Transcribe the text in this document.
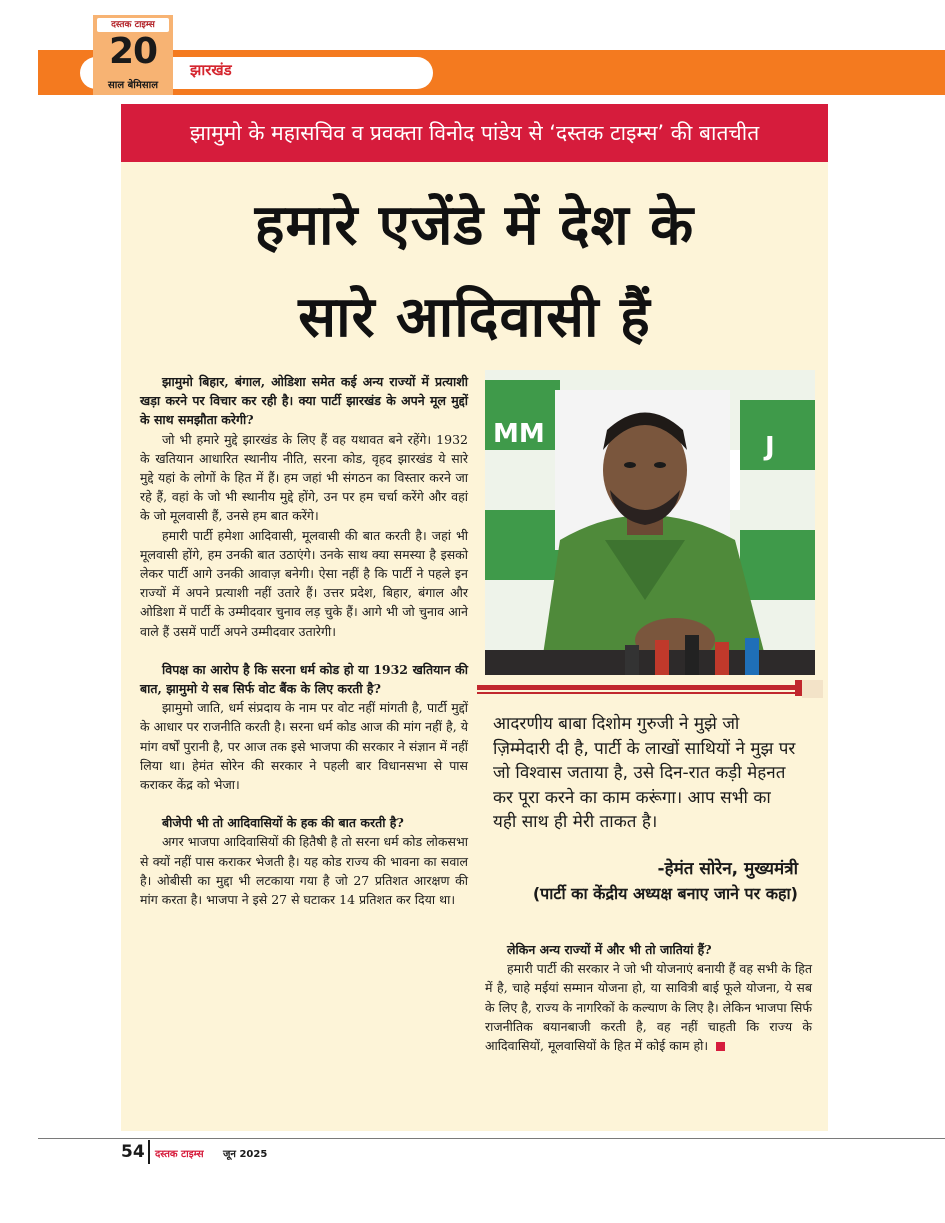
झारखंड
दस्तक टाइम्स
20
साल बेमिसाल
झामुमो के महासचिव व प्रवक्ता विनोद पांडेय से ‘दस्तक टाइम्स’ की बातचीत
हमारे एजेंडे में देश के
सारे आदिवासी हैं

झामुमो बिहार, बंगाल, ओडिशा समेत कई अन्य राज्यों में प्रत्याशी खड़ा करने पर विचार कर रही है। क्या पार्टी झारखंड के अपने मूल मुद्दों के साथ समझौता करेगी?

जो भी हमारे मुद्दे झारखंड के लिए हैं वह यथावत बने रहेंगे। 1932 के खतियान आधारित स्थानीय नीति, सरना कोड, वृहद झारखंड ये सारे मुद्दे यहां के लोगों के हित में हैं। हम जहां भी संगठन का विस्तार करने जा रहे हैं, वहां के जो भी स्थानीय मुद्दे होंगे, उन पर हम चर्चा करेंगे और वहां के जो मूलवासी हैं, उनसे हम बात करेंगे।

हमारी पार्टी हमेशा आदिवासी, मूलवासी की बात करती है। जहां भी मूलवासी होंगे, हम उनकी बात उठाएंगे। उनके साथ क्या समस्या है इसको लेकर पार्टी आगे उनकी आवाज़ बनेगी। ऐसा नहीं है कि पार्टी ने पहले इन राज्यों में अपने प्रत्याशी नहीं उतारे हैं। उत्तर प्रदेश, बिहार, बंगाल और ओडिशा में पार्टी के उम्मीदवार चुनाव लड़ चुके हैं। आगे भी जो चुनाव आने वाले हैं उसमें पार्टी अपने उम्मीदवार उतारेगी।

विपक्ष का आरोप है कि सरना धर्म कोड हो या 1932 खतियान की बात, झामुमो ये सब सिर्फ वोट बैंक के लिए करती है?

झामुमो जाति, धर्म संप्रदाय के नाम पर वोट नहीं मांगती है, पार्टी मुद्दों के आधार पर राजनीति करती है। सरना धर्म कोड आज की मांग नहीं है, ये मांग वर्षों पुरानी है, पर आज तक इसे भाजपा की सरकार ने संज्ञान में नहीं लिया था। हेमंत सोरेन की सरकार ने पहली बार विधानसभा से पास कराकर केंद्र को भेजा।

बीजेपी भी तो आदिवासियों के हक की बात करती है?

अगर भाजपा आदिवासियों की हितैषी है तो सरना धर्म कोड लोकसभा से क्यों नहीं पास कराकर भेजती है। यह कोड राज्य की भावना का सवाल है। ओबीसी का मुद्दा भी लटकाया गया है जो 27 प्रतिशत आरक्षण की मांग करता है। भाजपा ने इसे 27 से घटाकर 14 प्रतिशत कर दिया था।

MM	J
आदरणीय बाबा दिशोम गुरुजी ने मुझे जो ज़िम्मेदारी दी है, पार्टी के लाखों साथियों ने मुझ पर जो विश्वास जताया है, उसे दिन-रात कड़ी मेहनत कर पूरा करने का काम करूंगा। आप सभी का यही साथ ही मेरी ताकत है।
-हेमंत सोरेन, मुख्यमंत्री
(पार्टी का केंद्रीय अध्यक्ष बनाए जाने पर कहा)

लेकिन अन्य राज्यों में और भी तो जातियां हैं?

हमारी पार्टी की सरकार ने जो भी योजनाएं बनायी हैं वह सभी के हित में है, चाहे मईयां सम्मान योजना हो, या सावित्री बाई फूले योजना, ये सब के लिए है, राज्य के नागरिकों के कल्याण के लिए है। लेकिन भाजपा सिर्फ राजनीतिक बयानबाजी करती है, वह नहीं चाहती कि राज्य के आदिवासियों, मूलवासियों के हित में कोई काम हो।

54 दस्तक टाइम्स जून 2025
